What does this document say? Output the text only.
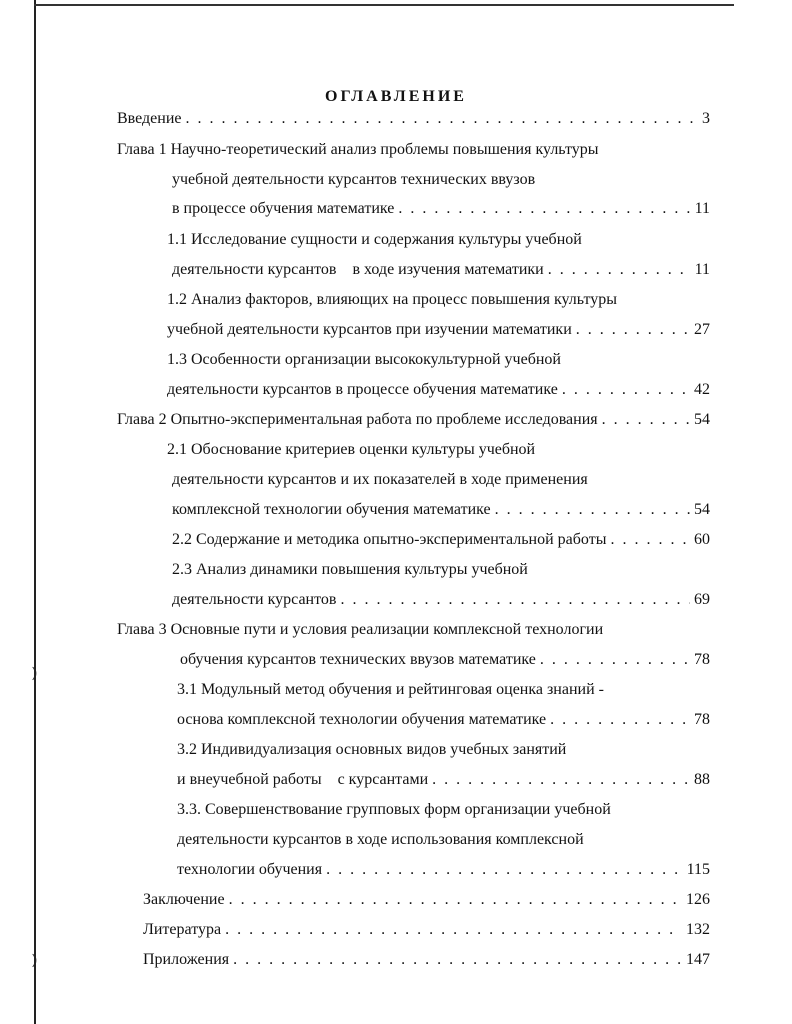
)
)
ОГЛАВЛЕНИЕ
Введение . . .	3
Глава 1 Научно-теоретический анализ проблемы повышения культуры
учебной деятельности курсантов технических ввузов
в процессе обучения математике . . .	11
1.1 Исследование сущности и содержания культуры учебной
деятельности курсантов    в ходе изучения математики . . .	11
1.2 Анализ факторов, влияющих на процесс повышения культуры
учебной деятельности курсантов при изучении математики . . .	27
1.3 Особенности организации высококультурной учебной
деятельности курсантов в процессе обучения математике . . .	42
Глава 2 Опытно-экспериментальная работа по проблеме исследования . . .	54
2.1 Обоснование критериев оценки культуры учебной
деятельности курсантов и их показателей в ходе применения
комплексной технологии обучения математике . . .	54
2.2 Содержание и методика опытно-экспериментальной работы . . .	60
2.3 Анализ динамики повышения культуры учебной
деятельности курсантов . . .	69
Глава 3 Основные пути и условия реализации комплексной технологии
обучения курсантов технических ввузов математике . . .	78
3.1 Модульный метод обучения и рейтинговая оценка знаний -
основа комплексной технологии обучения математике . . .	78
3.2 Индивидуализация основных видов учебных занятий
и внеучебной работы    с курсантами . . .	88
3.3. Совершенствование групповых форм организации учебной
деятельности курсантов в ходе использования комплексной
технологии обучения . . .	115
Заключение . . .	126
Литература . . .	132
Приложения . . .	147
